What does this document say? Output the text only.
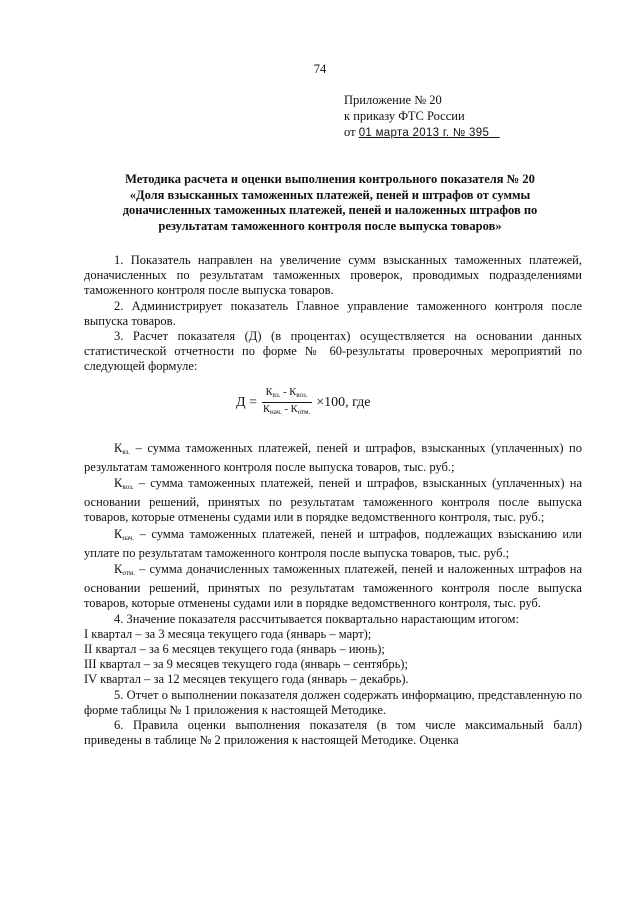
74
Приложение № 20
к приказу ФТС России
от 01 марта 2013 г. № 395
Методика расчета и оценки выполнения контрольного показателя № 20
«Доля взысканных таможенных платежей, пеней и штрафов от суммы
доначисленных таможенных платежей, пеней и наложенных штрафов по
результатам таможенного контроля после выпуска товаров»

1. Показатель направлен на увеличение сумм взысканных таможенных платежей, доначисленных по результатам таможенных проверок, проводимых подразделениями таможенного контроля после выпуска товаров.

2. Администрирует показатель Главное управление таможенного контроля после выпуска товаров.

3. Расчет показателя (Д) (в процентах) осуществляется на основании данных статистической отчетности по форме № 60-результаты проверочных мероприятий по следующей формуле:

$Д = \frac{К_{вз.} - К_{воз.}}{К_{нач.} - К_{отм.}} \times 100$, где

$К_{вз.}$ – сумма таможенных платежей, пеней и штрафов, взысканных (уплаченных) по результатам таможенного контроля после выпуска товаров, тыс. руб.;

$К_{воз.}$ – сумма таможенных платежей, пеней и штрафов, взысканных (уплаченных) на основании решений, принятых по результатам таможенного контроля после выпуска товаров, которые отменены судами или в порядке ведомственного контроля, тыс. руб.;

$К_{нач.}$ – сумма таможенных платежей, пеней и штрафов, подлежащих взысканию или уплате по результатам таможенного контроля после выпуска товаров, тыс. руб.;

$К_{отм.}$ – сумма доначисленных таможенных платежей, пеней и наложенных штрафов на основании решений, принятых по результатам таможенного контроля после выпуска товаров, которые отменены судами или в порядке ведомственного контроля, тыс. руб.

4. Значение показателя рассчитывается поквартально нарастающим итогом:

I квартал – за 3 месяца текущего года (январь – март);
II квартал – за 6 месяцев текущего года (январь – июнь);
III квартал – за 9 месяцев текущего года (январь – сентябрь);
IV квартал – за 12 месяцев текущего года (январь – декабрь).

5. Отчет о выполнении показателя должен содержать информацию, представленную по форме таблицы № 1 приложения к настоящей Методике.

6. Правила оценки выполнения показателя (в том числе максимальный балл) приведены в таблице № 2 приложения к настоящей Методике. Оценка
